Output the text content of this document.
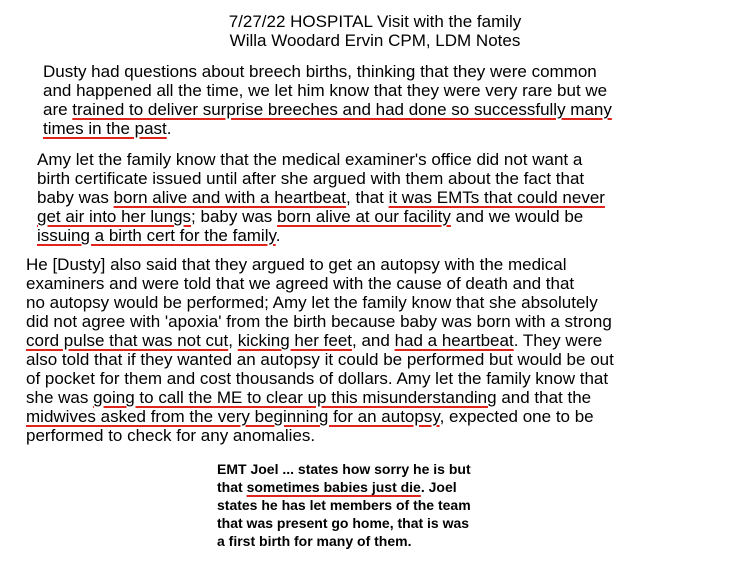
7/27/22 HOSPITAL Visit with the family
Willa Woodard Ervin CPM, LDM Notes
Dusty had questions about breech births, thinking that they were common
and happened all the time, we let him know that they were very rare but we
are trained to deliver surprise breeches and had done so successfully many
times in the past.
Amy let the family know that the medical examiner's office did not want a
birth certificate issued until after she argued with them about the fact that
baby was born alive and with a heartbeat, that it was EMTs that could never
get air into her lungs; baby was born alive at our facility and we would be
issuing a birth cert for the family.
He [Dusty] also said that they argued to get an autopsy with the medical
examiners and were told that we agreed with the cause of death and that
no autopsy would be performed; Amy let the family know that she absolutely
did not agree with 'apoxia' from the birth because baby was born with a strong
cord pulse that was not cut, kicking her feet, and had a heartbeat. They were
also told that if they wanted an autopsy it could be performed but would be out
of pocket for them and cost thousands of dollars. Amy let the family know that
she was going to call the ME to clear up this misunderstanding and that the
midwives asked from the very beginning for an autopsy, expected one to be
performed to check for any anomalies.
EMT Joel ... states how sorry he is but
that sometimes babies just die. Joel
states he has let members of the team
that was present go home, that is was
a first birth for many of them.
